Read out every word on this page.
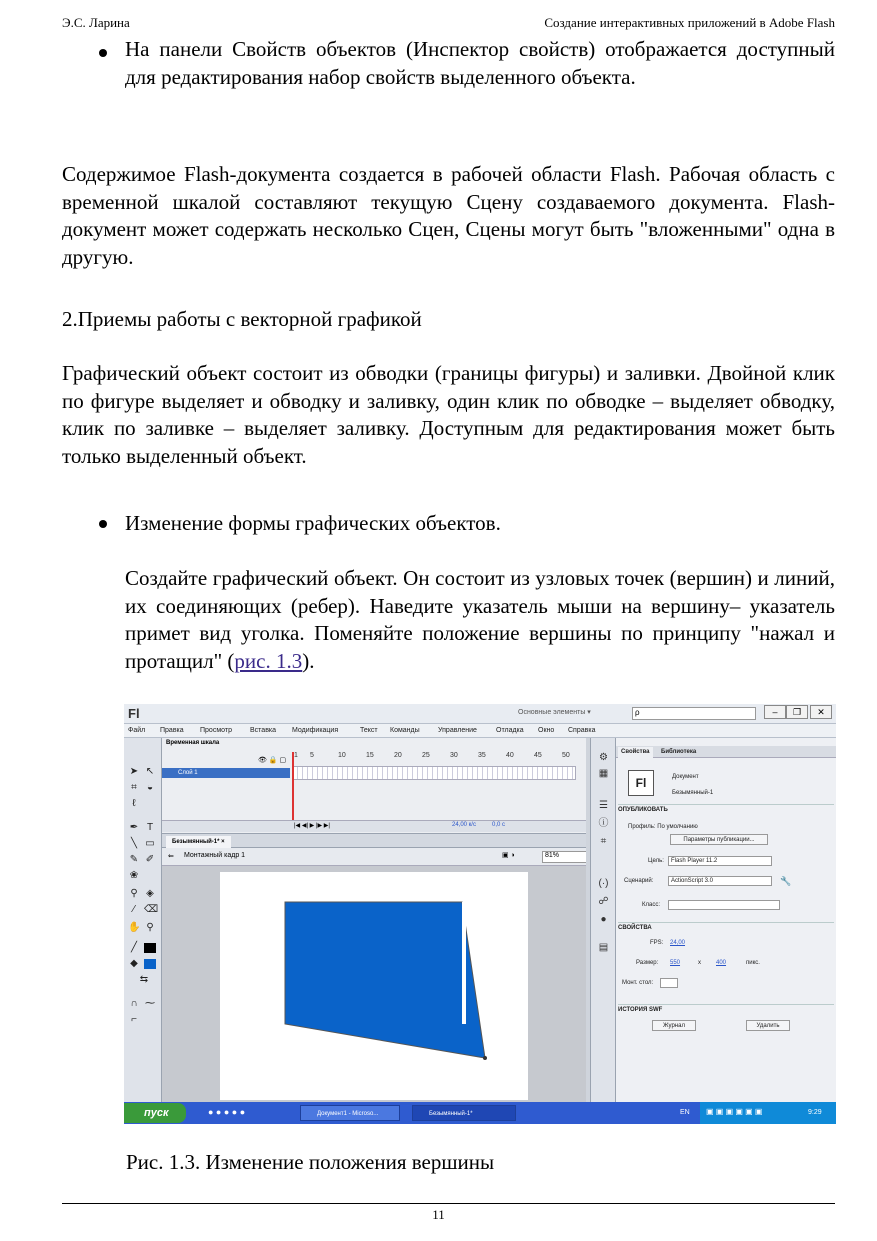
Э.С. Ларина	Создание интерактивных приложений в Adobe Flash
На панели Свойств объектов (Инспектор свойств) отображается доступный для редактирования набор свойств выделенного объекта.
Содержимое Flash-документа создается в рабочей области Flash. Рабочая область с временной шкалой составляют текущую Сцену создаваемого документа. Flash-документ может содержать несколько Сцен, Сцены могут быть "вложенными" одна в другую.
2.Приемы работы с векторной графикой
Графический объект состоит из обводки (границы фигуры) и заливки. Двойной клик по фигуре выделяет и обводку и заливку, один клик по обводке – выделяет обводку, клик по заливке – выделяет заливку. Доступным для редактирования может быть только выделенный объект.
Изменение формы графических объектов.
Создайте графический объект. Он состоит из узловых точек (вершин) и линий, их соединяющих (ребер). Наведите указатель мыши на вершину– указатель примет вид уголка. Поменяйте положение вершины по принципу "нажал и протащил" (рис. 1.3).
Fl	Основные элементы ▾	ρ	–	❐	✕
Файл Правка Просмотр	Вставка Модификация	Текст Команды	Управление	Отладка Окно Справка
➤ ↖
⌗	◒
ℓ
✒ T
╲ ▭
✎ ✐
❀
⚲ ◈
⁄ ⌫
✋ ⚲
╱
◆
⇆
∩ ⁓
⌐
Временная шкала
1 5	10	15	20	25	30	35	40	45	50
👁 🔒 ▢
Слой 1
|◀ ◀| ▶ |▶ ▶|	24,00 к/с	0,0 с
Безымянный-1* ×
⇐ Монтажный кадр 1	▣ ◑	81%
⚙
▦
☰
ⓘ
⌗
(·)
☍
●
▤
Свойства	Библиотека
Fl	Документ
Безымянный-1
ОПУБЛИКОВАТЬ
Профиль: По умолчанию
Параметры публикации...
Цель:	Flash Player 11.2
Сценарий:	ActionScript 3.0	🔧
Класс:
СВОЙСТВА
FPS: 24,00
Размер: 550	x	400	пикс.
Монт. стол:
ИСТОРИЯ SWF
Журнал	Удалить
пуск	● ● ● ● ●	Документ1 - Microso...	Безымянный-1*	EN ▣ ▣ ▣ ▣ ▣ ▣	9:29
Рис. 1.3. Изменение положения вершины
11
